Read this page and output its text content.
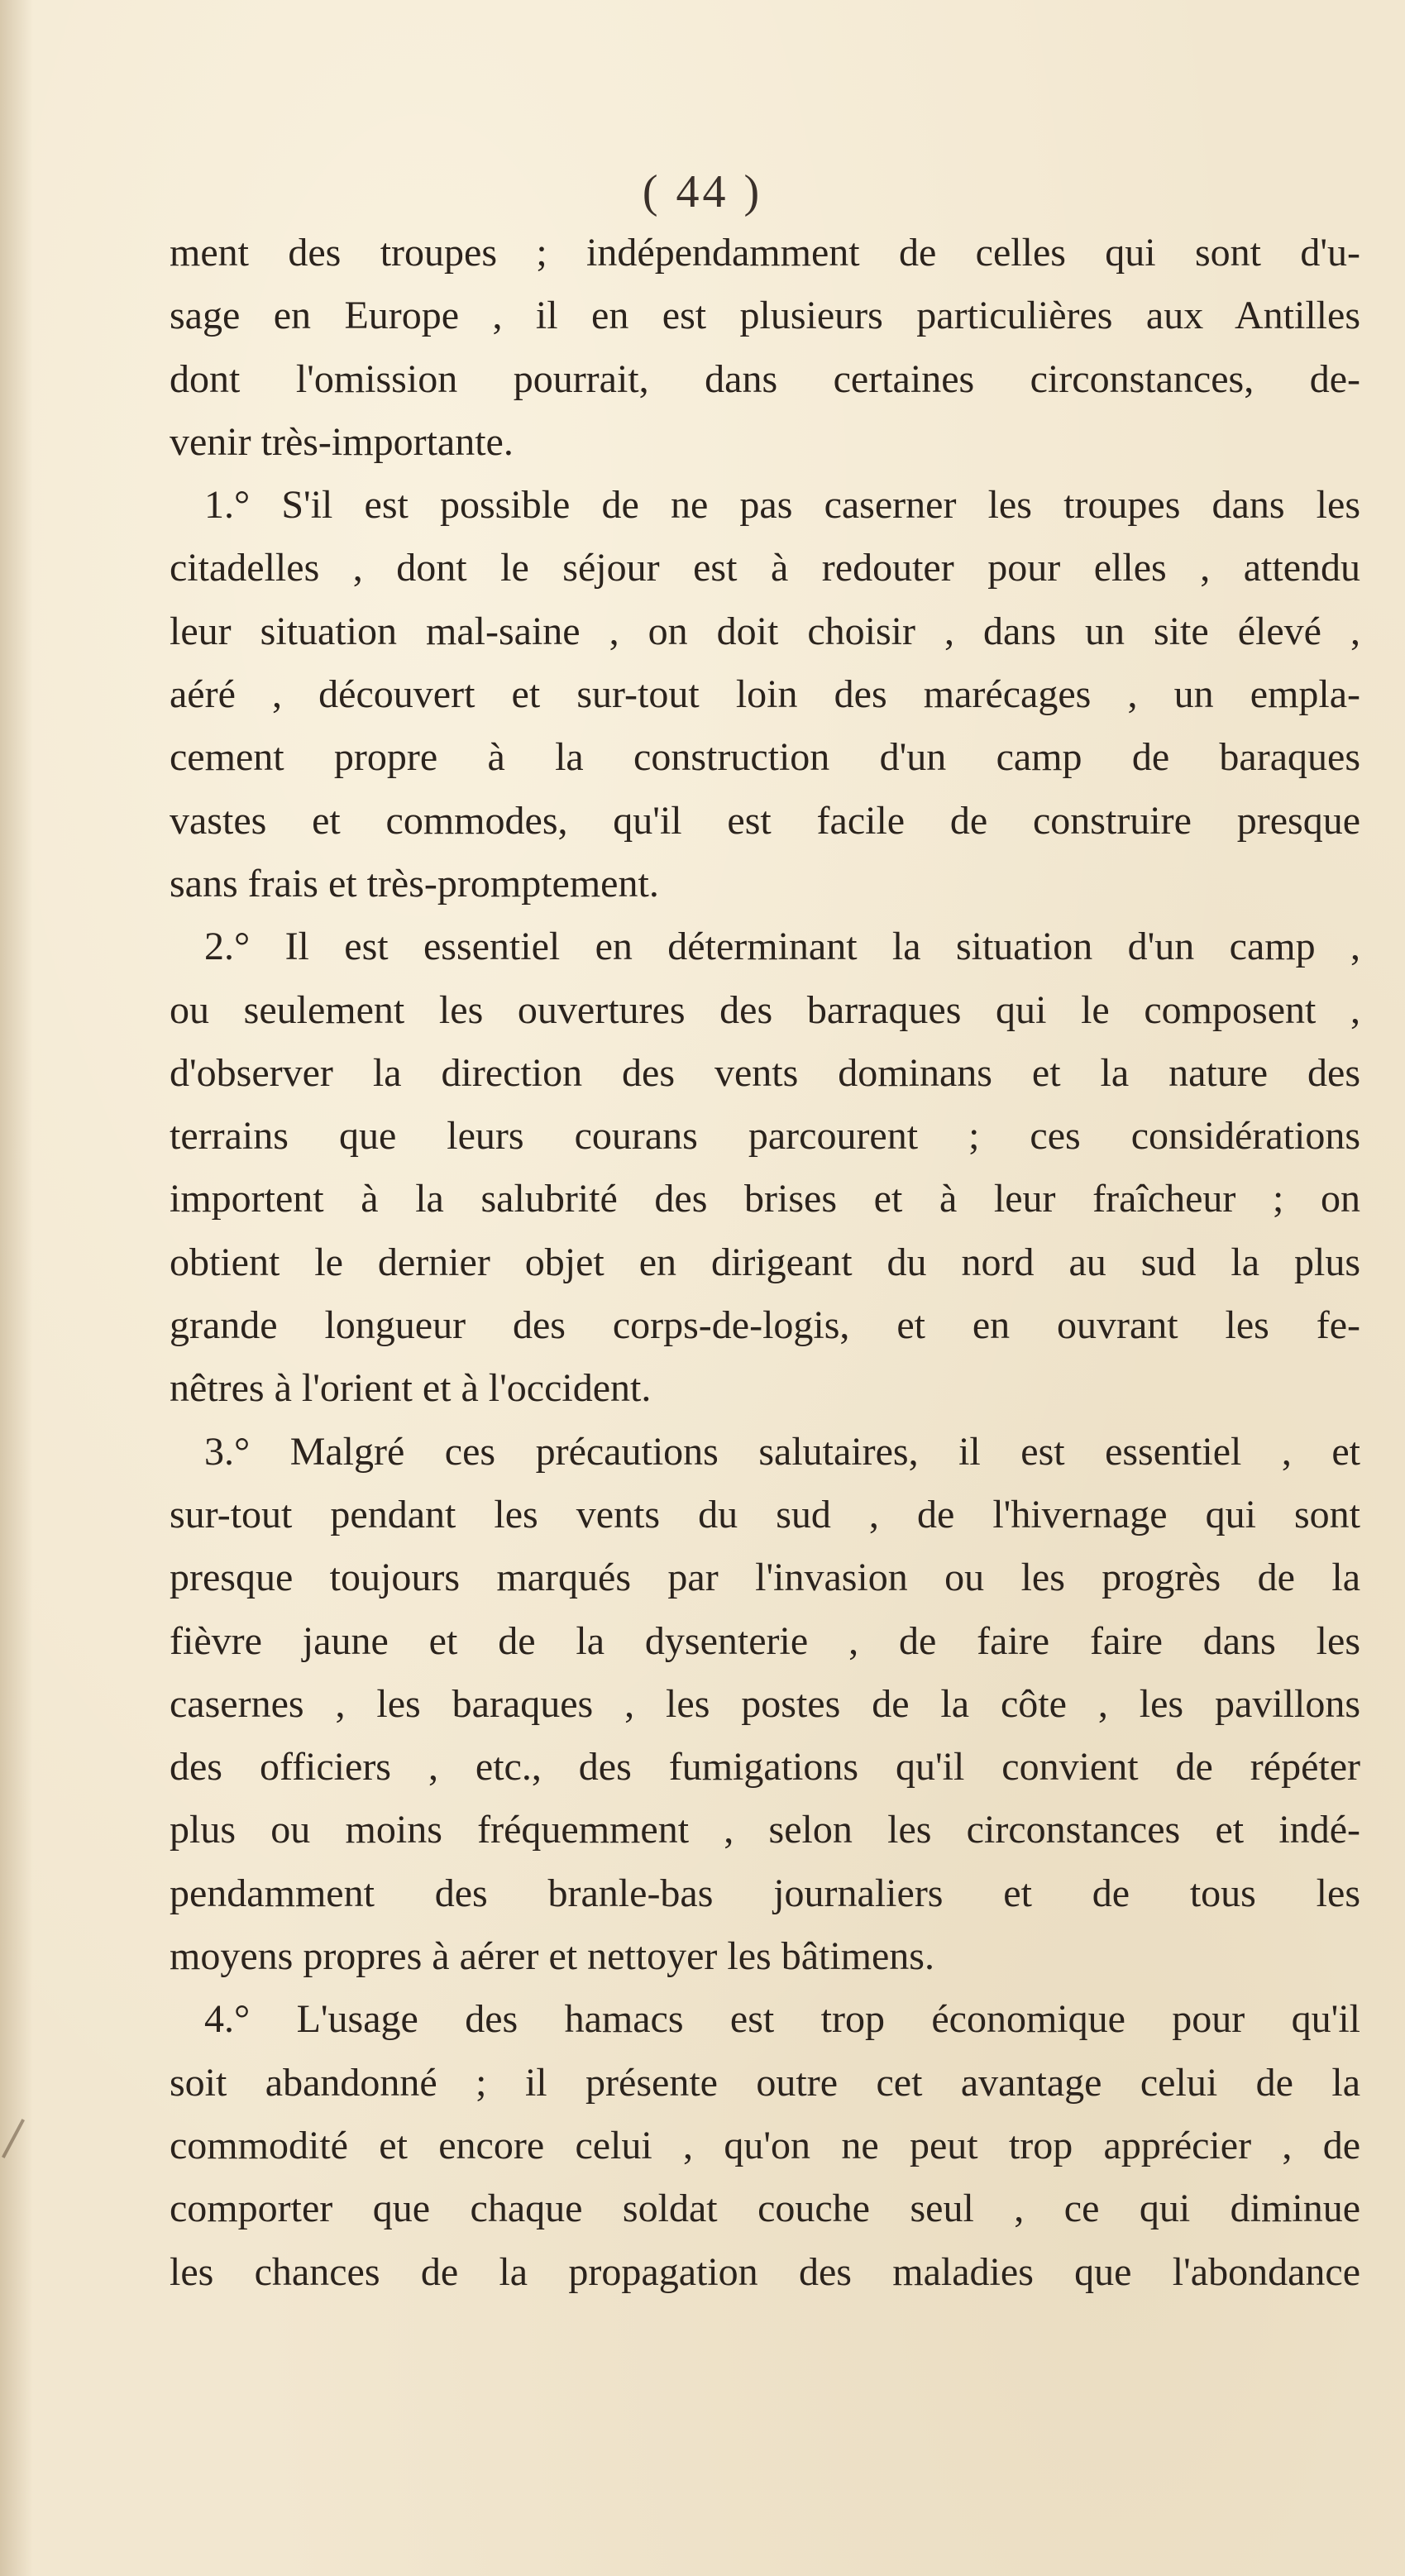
( 44 )
ment des troupes ; indépendamment de celles qui sont d'u-
sage en Europe , il en est plusieurs particulières aux Antilles
dont l'omission pourrait, dans certaines circonstances, de-
venir très-importante.
1.° S'il est possible de ne pas caserner les troupes dans les
citadelles , dont le séjour est à redouter pour elles , attendu
leur situation mal-saine , on doit choisir , dans un site élevé ,
aéré , découvert et sur-tout loin des marécages , un empla-
cement propre à la construction d'un camp de baraques
vastes et commodes, qu'il est facile de construire presque
sans frais et très-promptement.
2.° Il est essentiel en déterminant la situation d'un camp ,
ou seulement les ouvertures des barraques qui le composent ,
d'observer la direction des vents dominans et la nature des
terrains que leurs courans parcourent ; ces considérations
importent à la salubrité des brises et à leur fraîcheur ; on
obtient le dernier objet en dirigeant du nord au sud la plus
grande longueur des corps-de-logis, et en ouvrant les fe-
nêtres à l'orient et à l'occident.
3.° Malgré ces précautions salutaires, il est essentiel , et
sur-tout pendant les vents du sud , de l'hivernage qui sont
presque toujours marqués par l'invasion ou les progrès de la
fièvre jaune et de la dysenterie , de faire faire dans les
casernes , les baraques , les postes de la côte , les pavillons
des officiers , etc., des fumigations qu'il convient de répéter
plus ou moins fréquemment , selon les circonstances et indé-
pendamment des branle-bas journaliers et de tous les
moyens propres à aérer et nettoyer les bâtimens.
4.° L'usage des hamacs est trop économique pour qu'il
soit abandonné ; il présente outre cet avantage celui de la
commodité et encore celui , qu'on ne peut trop apprécier , de
comporter que chaque soldat couche seul , ce qui diminue
les chances de la propagation des maladies que l'abondance
